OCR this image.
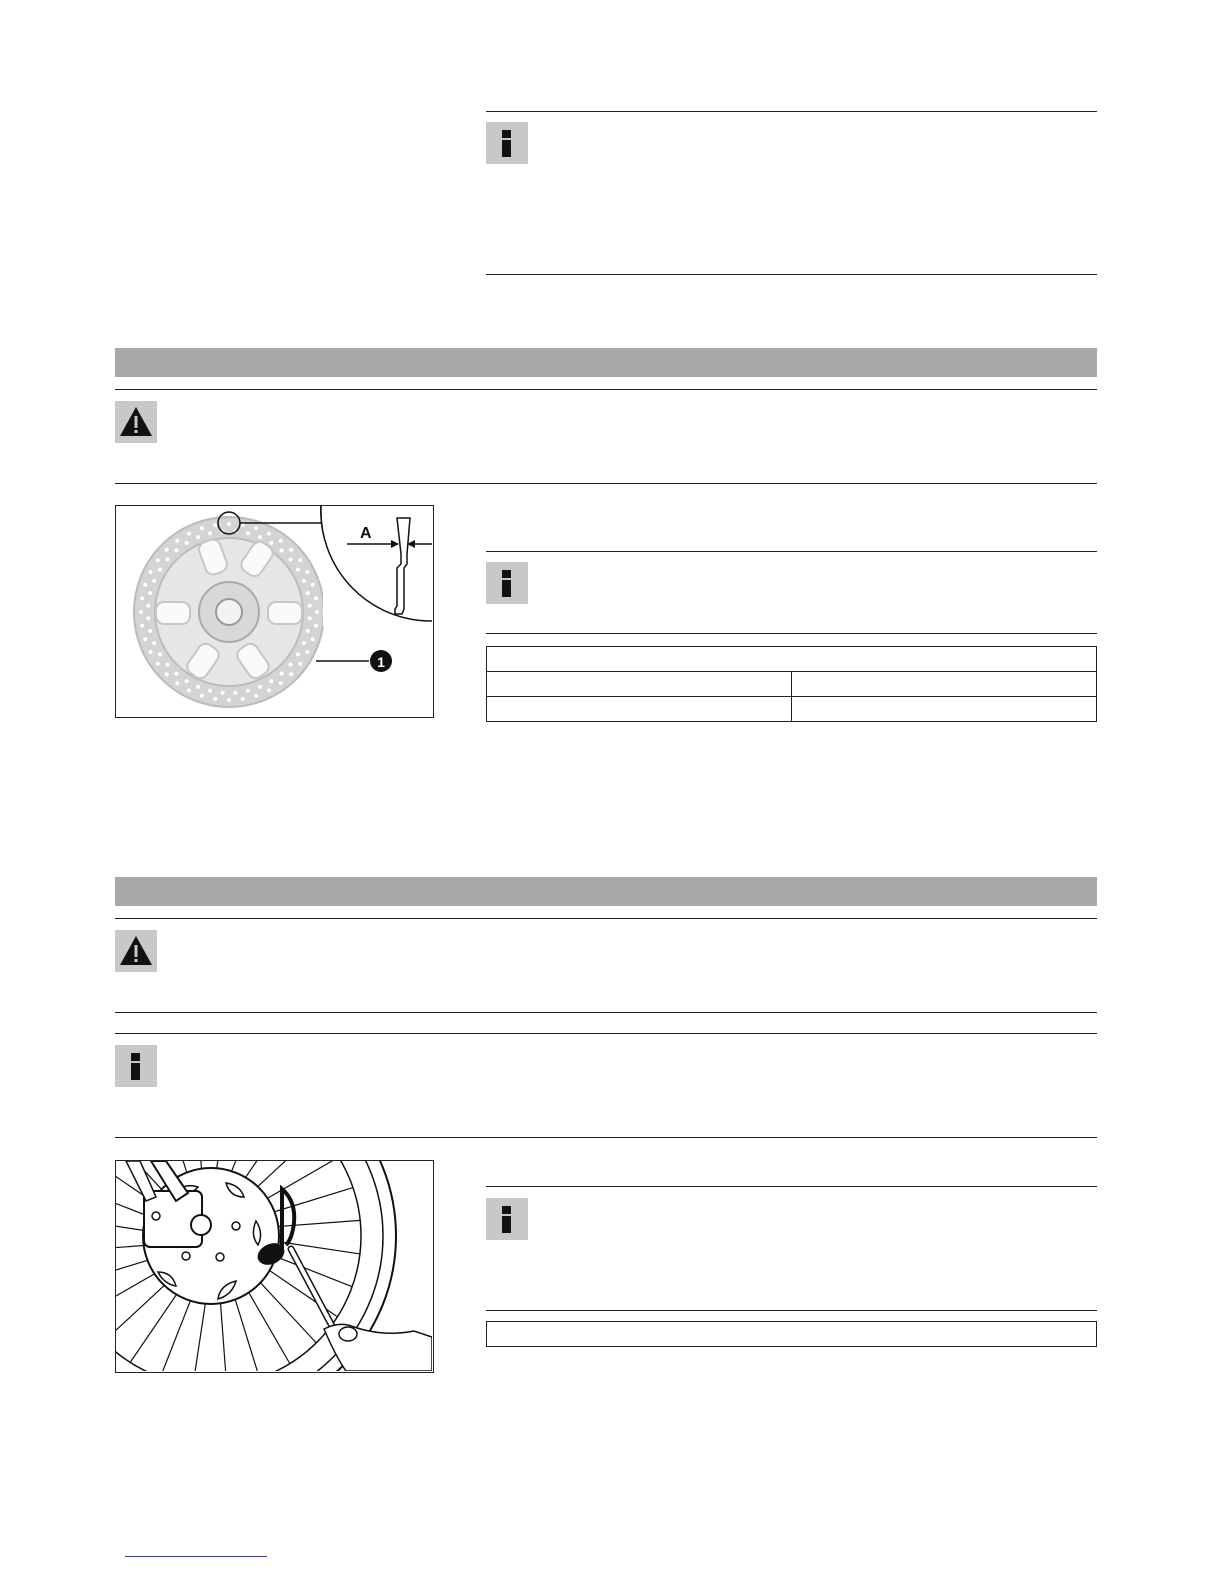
A
1
